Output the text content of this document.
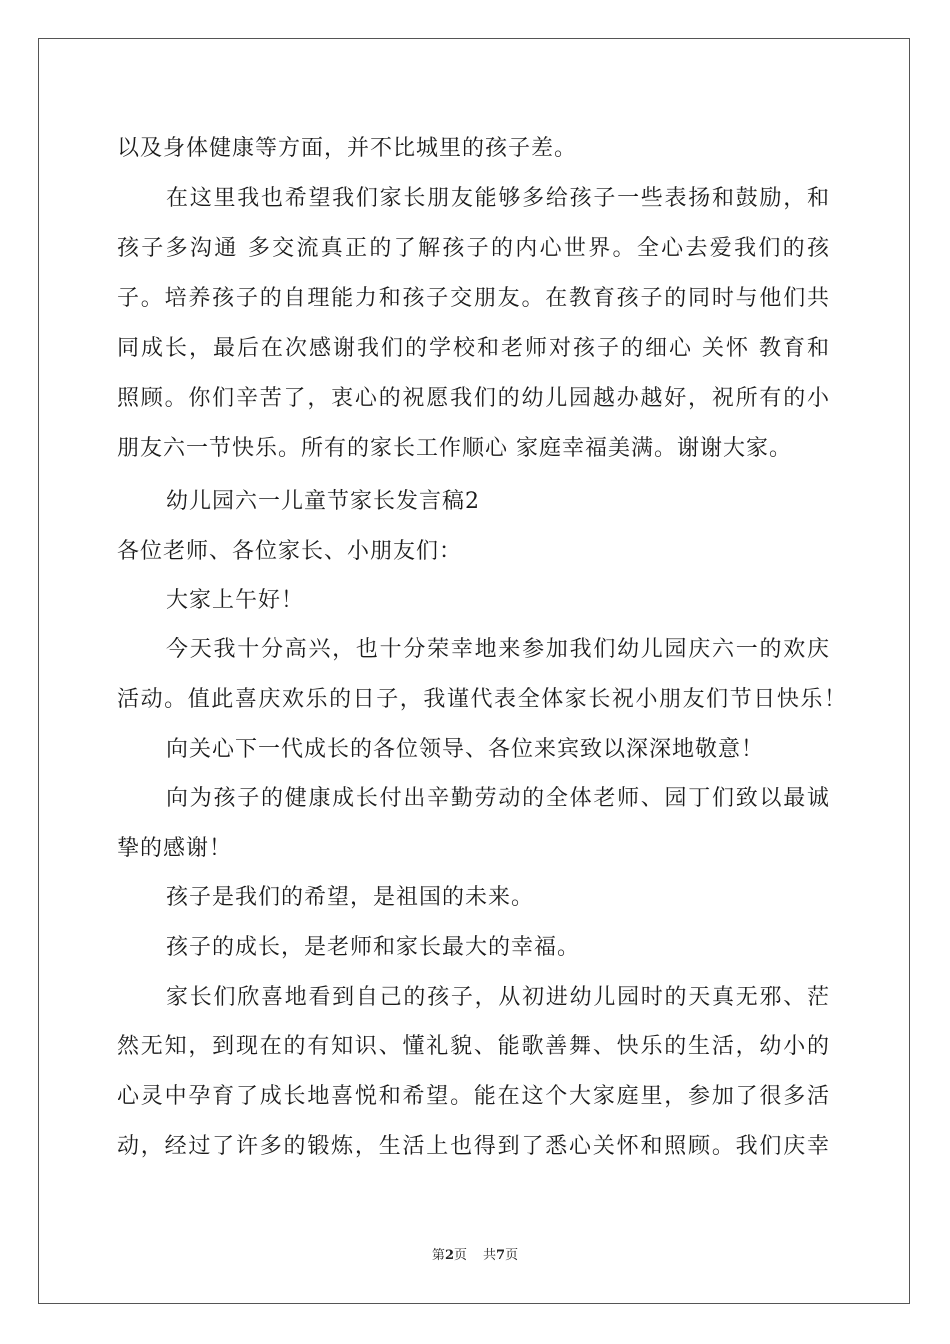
以及身体健康等方面，并不比城里的孩子差。
在这里我也希望我们家长朋友能够多给孩子一些表扬和鼓励，和
孩子多沟通 多交流真正的了解孩子的内心世界。全心去爱我们的孩
子。培养孩子的自理能力和孩子交朋友。在教育孩子的同时与他们共
同成长，最后在次感谢我们的学校和老师对孩子的细心 关怀 教育和
照顾。你们辛苦了，衷心的祝愿我们的幼儿园越办越好，祝所有的小
朋友六一节快乐。所有的家长工作顺心 家庭幸福美满。谢谢大家。
幼儿园六一儿童节家长发言稿2
各位老师、各位家长、小朋友们：
大家上午好！
今天我十分高兴，也十分荣幸地来参加我们幼儿园庆六一的欢庆
活动。值此喜庆欢乐的日子，我谨代表全体家长祝小朋友们节日快乐！
向关心下一代成长的各位领导、各位来宾致以深深地敬意！
向为孩子的健康成长付出辛勤劳动的全体老师、园丁们致以最诚
挚的感谢！
孩子是我们的希望，是祖国的未来。
孩子的成长，是老师和家长最大的幸福。
家长们欣喜地看到自己的孩子，从初进幼儿园时的天真无邪、茫
然无知，到现在的有知识、懂礼貌、能歌善舞、快乐的生活，幼小的
心灵中孕育了成长地喜悦和希望。能在这个大家庭里，参加了很多活
动，经过了许多的锻炼，生活上也得到了悉心关怀和照顾。我们庆幸
第2页 共7页
